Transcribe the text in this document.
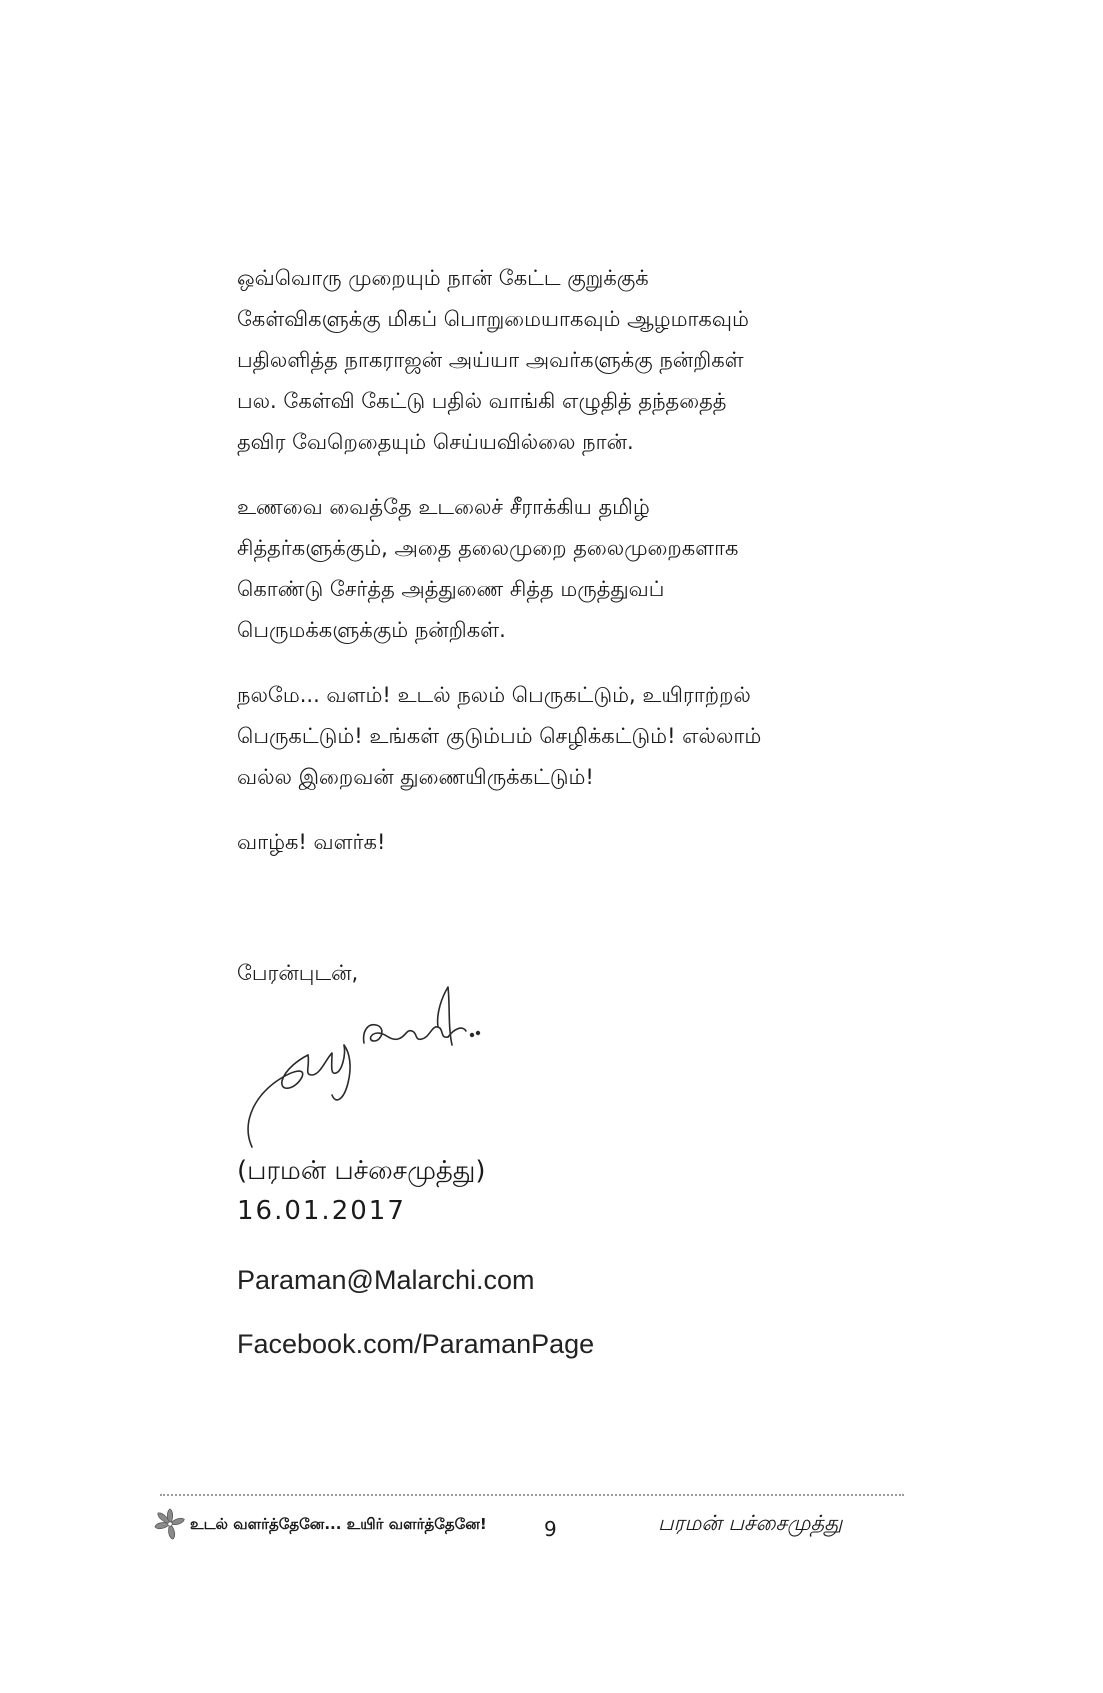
ஒவ்வொரு முறையும் நான் கேட்ட குறுக்குக்
கேள்விகளுக்கு மிகப் பொறுமையாகவும் ஆழமாகவும்
பதிலளித்த நாகராஜன் அய்யா அவர்களுக்கு நன்றிகள்
பல. கேள்வி கேட்டு பதில் வாங்கி எழுதித் தந்ததைத்
தவிர வேறெதையும் செய்யவில்லை நான்.
உணவை வைத்தே உடலைச் சீராக்கிய தமிழ்
சித்தர்களுக்கும், அதை தலைமுறை தலைமுறைகளாக
கொண்டு சேர்த்த அத்துணை சித்த மருத்துவப்
பெருமக்களுக்கும் நன்றிகள்.
நலமே... வளம்! உடல் நலம் பெருகட்டும், உயிராற்றல்
பெருகட்டும்! உங்கள் குடும்பம் செழிக்கட்டும்! எல்லாம்
வல்ல இறைவன் துணையிருக்கட்டும்!
வாழ்க! வளர்க!
பேரன்புடன்,
(பரமன் பச்சைமுத்து)
16.01.2017
Paraman@Malarchi.com
Facebook.com/ParamanPage
உடல் வளர்த்தேனே... உயிர் வளர்த்தேனே!	9	பரமன் பச்சைமுத்து
